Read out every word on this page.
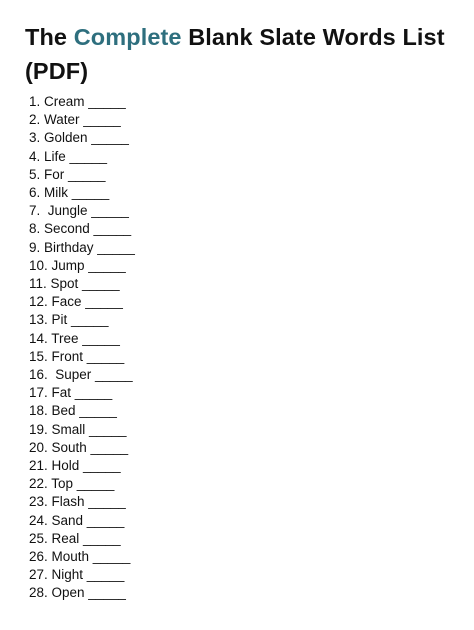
The Complete Blank Slate Words List (PDF)
1. Cream _____
2. Water _____
3. Golden _____
4. Life _____
5. For _____
6. Milk _____
7.  Jungle _____
8. Second _____
9. Birthday _____
10. Jump _____
11. Spot _____
12. Face _____
13. Pit _____
14. Tree _____
15. Front _____
16.  Super _____
17. Fat _____
18. Bed _____
19. Small _____
20. South _____
21. Hold _____
22. Top _____
23. Flash _____
24. Sand _____
25. Real _____
26. Mouth _____
27. Night _____
28. Open _____
